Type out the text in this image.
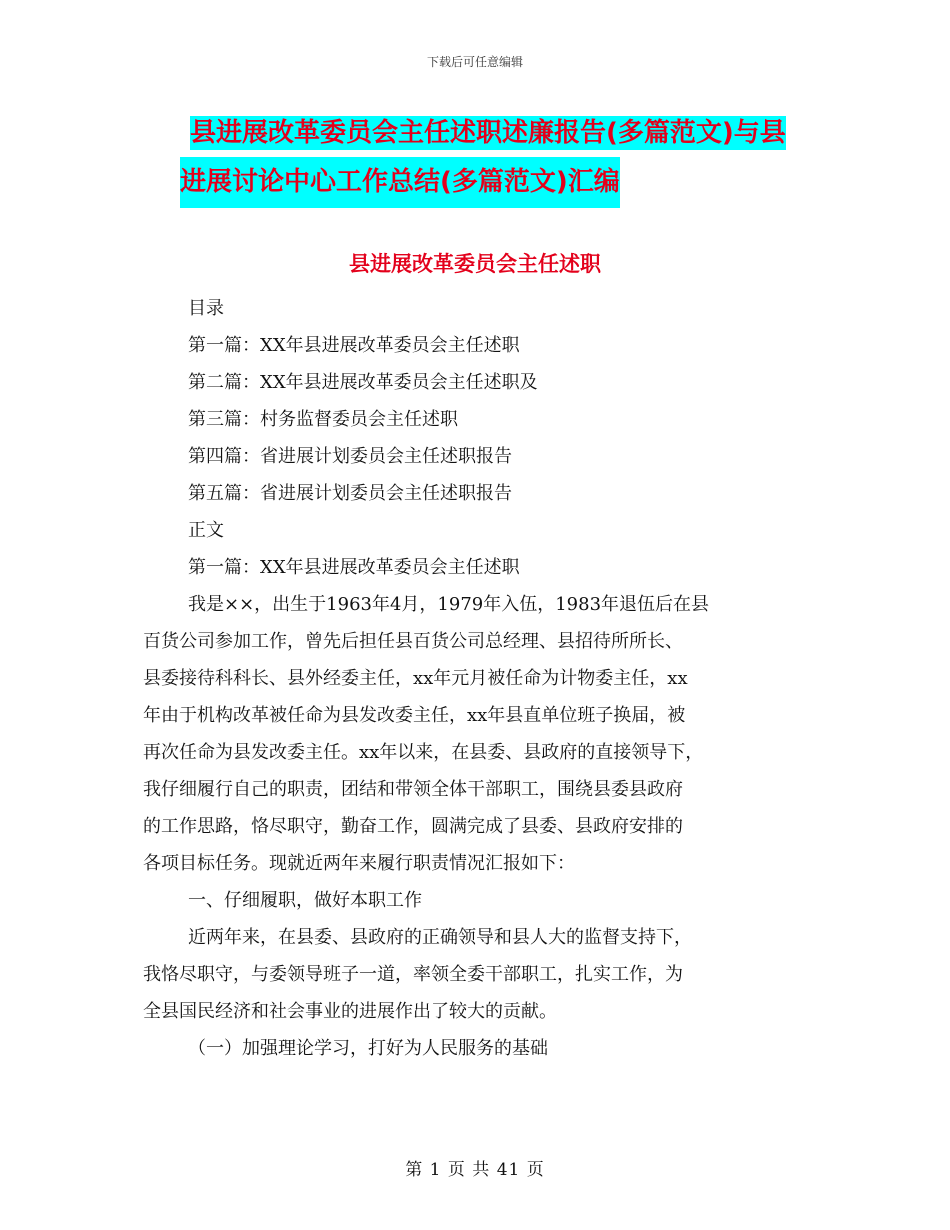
下载后可任意编辑
县进展改革委员会主任述职述廉报告(多篇范文)与县 进展讨论中心工作总结(多篇范文)汇编
县进展改革委员会主任述职
目录
第一篇：XX年县进展改革委员会主任述职
第二篇：XX年县进展改革委员会主任述职及
第三篇：村务监督委员会主任述职
第四篇：省进展计划委员会主任述职报告
第五篇：省进展计划委员会主任述职报告
正文
第一篇：XX年县进展改革委员会主任述职
我是××，出生于1963年4月，1979年入伍，1983年退伍后在县
百货公司参加工作，曾先后担任县百货公司总经理、县招待所所长、
县委接待科科长、县外经委主任，xx年元月被任命为计物委主任，xx
年由于机构改革被任命为县发改委主任，xx年县直单位班子换届，被
再次任命为县发改委主任。xx年以来，在县委、县政府的直接领导下，
我仔细履行自己的职责，团结和带领全体干部职工，围绕县委县政府
的工作思路，恪尽职守，勤奋工作，圆满完成了县委、县政府安排的
各项目标任务。现就近两年来履行职责情况汇报如下：
一、仔细履职，做好本职工作
近两年来，在县委、县政府的正确领导和县人大的监督支持下，
我恪尽职守，与委领导班子一道，率领全委干部职工，扎实工作，为
全县国民经济和社会事业的进展作出了较大的贡献。
（一）加强理论学习，打好为人民服务的基础
第 1 页 共 41 页
